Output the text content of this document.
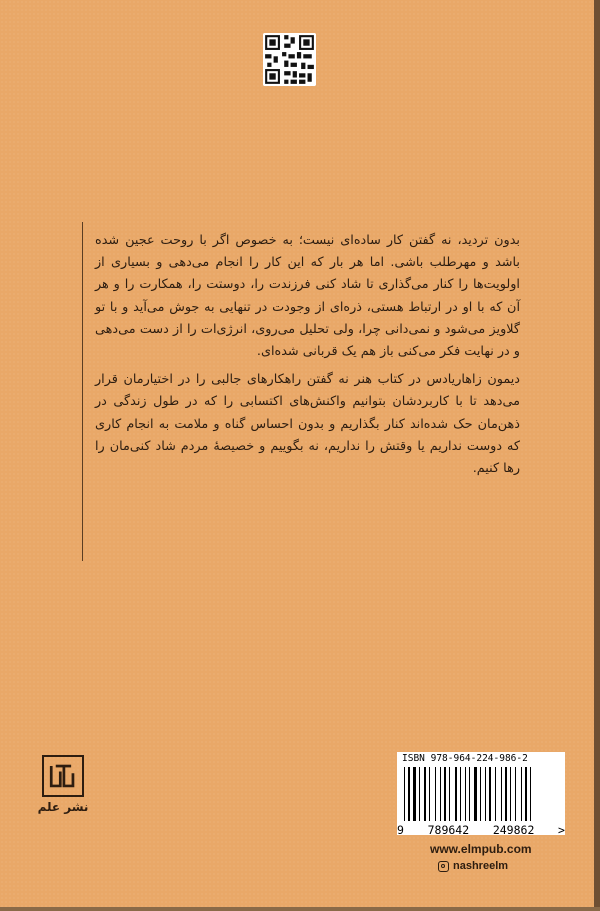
بدون تردید، نه گفتن کار ساده‌ای نیست؛ به خصوص اگر با روحت عجین شده باشد و مهرطلب باشی. اما هر بار که این کار را انجام می‌دهی و بسیاری از اولویت‌ها را کنار می‌گذاری تا شاد کنی فرزندت را، دوستت را، همکارت را و هر آن که با او در ارتباط هستی، ذره‌ای از وجودت در تنهایی به جوش می‌آید و با تو گلاویز می‌شود و نمی‌دانی چرا، ولی تحلیل می‌روی، انرژی‌ات را از دست می‌دهی و در نهایت فکر می‌کنی باز هم یک قربانی شده‌ای.

دیمون زاهاریادس در کتاب هنر نه گفتن راهکارهای جالبی را در اختیارمان قرار می‌دهد تا با کاربردشان بتوانیم واکنش‌های اکتسابی را که در طول زندگی در ذهن‌مان حک شده‌اند کنار بگذاریم و بدون احساس گناه و ملامت به انجام کاری که دوست نداریم یا وقتش را نداریم، نه بگوییم و خصیصهٔ مردم شاد کنی‌مان را رها کنیم.

نشر علم
ISBN 978-964-224-986-2
9 789642 249862 >
www.elmpub.com
nashreelm
